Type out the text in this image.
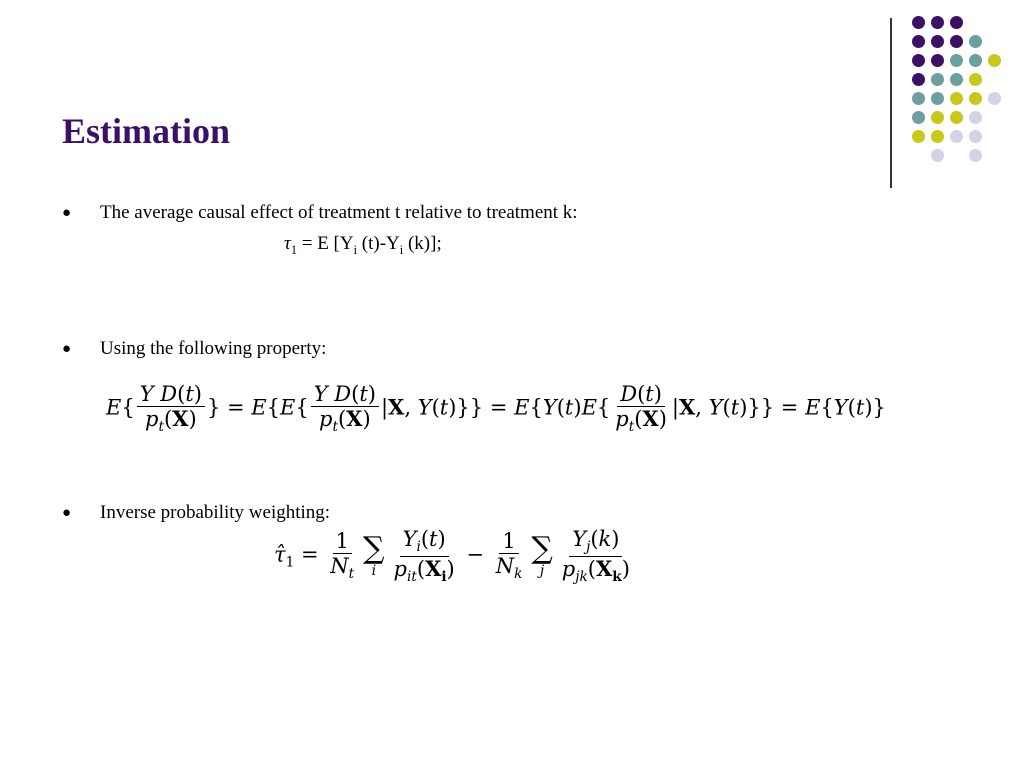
Estimation
● The average causal effect of treatment t relative to treatment k:
$\tau_1 = E$ [$Y_i$ $(t)-Y_i$ (k)];
● Using the following property:
$E\{ \frac{\text{Y D(t)}}{p_t(X)}$ } = $E\{E\{ \frac{\text{Y D(t)}}{p_t(X)} |X$, $Y(t)\}\} = E\{Y(t)E\{ \frac{D(t)}{p_t(X)} |X$, Y(t)}} = E{Y(t)}
● Inverse probability weighting:
$\taû_1 = \frac{1}{N_t}$ ∑
i $\frac{Y_i(t)}{p_{it}(X_i)} - \frac{1}{N_k}$ ∑
j $\frac{Y_j(k)}{p_{jk}(X_k)}$
